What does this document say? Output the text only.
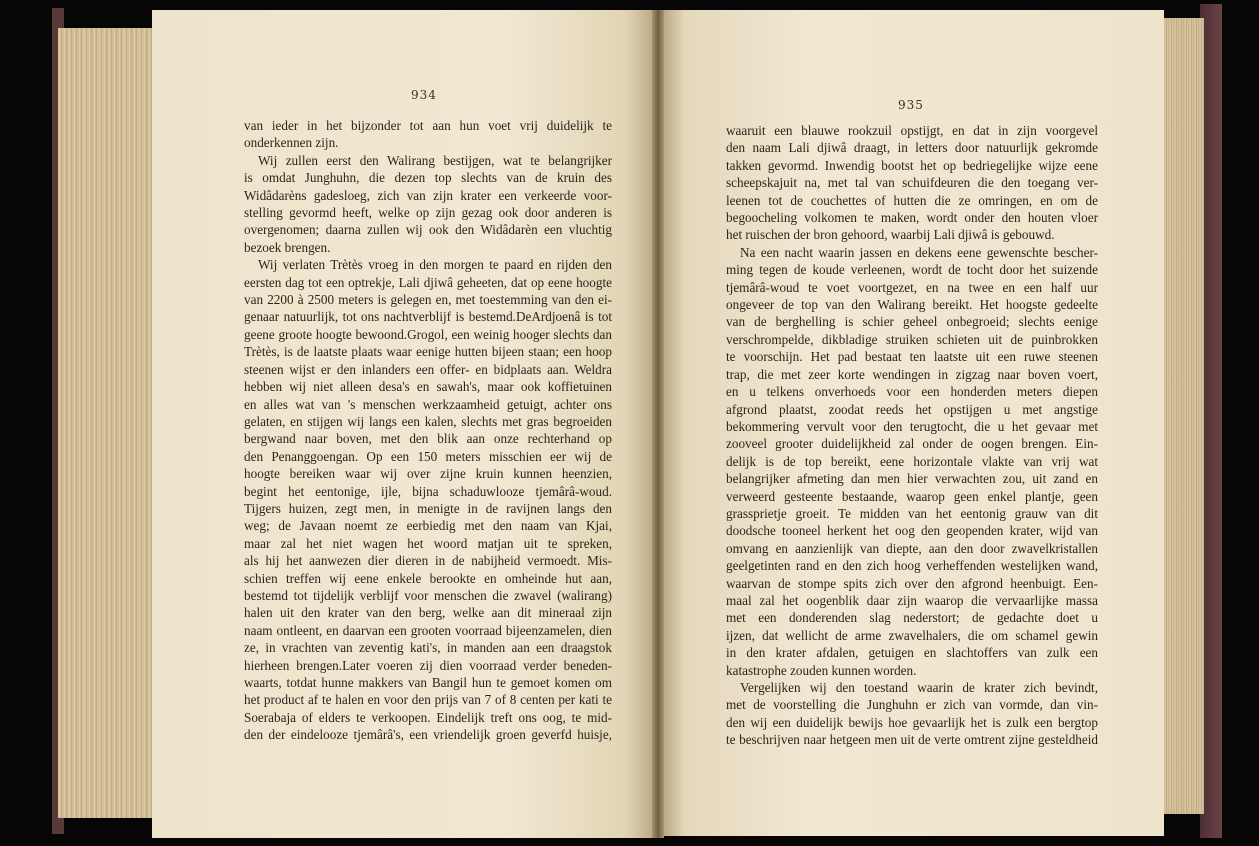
934
935

van ieder in het bijzonder tot aan hun voet vrij duidelijk te

onderkennen zijn.

Wij zullen eerst den Walirang bestijgen, wat te belangrijker

is omdat Junghuhn, die dezen top slechts van de kruin des

Widâdarèns gadesloeg, zich van zijn krater een verkeerde voor-

stelling gevormd heeft, welke op zijn gezag ook door anderen is

overgenomen; daarna zullen wij ook den Widâdarèn een vluchtig

bezoek brengen.

Wij verlaten Trètès vroeg in den morgen te paard en rijden den

eersten dag tot een optrekje, Lali djiwâ geheeten, dat op eene hoogte

van 2200 à 2500 meters is gelegen en, met toestemming van den ei-

genaar natuurlijk, tot ons nachtverblijf is bestemd.DeArdjoenâ is tot

geene groote hoogte bewoond.Grogol, een weinig hooger slechts dan

Trètès, is de laatste plaats waar eenige hutten bijeen staan; een hoop

steenen wijst er den inlanders een offer- en bidplaats aan. Weldra

hebben wij niet alleen desa's en sawah's, maar ook koffietuinen

en alles wat van 's menschen werkzaamheid getuigt, achter ons

gelaten, en stijgen wij langs een kalen, slechts met gras begroeiden

bergwand naar boven, met den blik aan onze rechterhand op

den Penanggoengan. Op een 150 meters misschien eer wij de

hoogte bereiken waar wij over zijne kruin kunnen heenzien,

begint het eentonige, ijle, bijna schaduwlooze tjemârâ-woud.

Tijgers huizen, zegt men, in menigte in de ravijnen langs den

weg; de Javaan noemt ze eerbiedig met den naam van Kjai,

maar zal het niet wagen het woord matjan uit te spreken,

als hij het aanwezen dier dieren in de nabijheid vermoedt. Mis-

schien treffen wij eene enkele berookte en omheinde hut aan,

bestemd tot tijdelijk verblijf voor menschen die zwavel (walirang)

halen uit den krater van den berg, welke aan dit mineraal zijn

naam ontleent, en daarvan een grooten voorraad bijeenzamelen, dien

ze, in vrachten van zeventig kati's, in manden aan een draagstok

hierheen brengen.Later voeren zij dien voorraad verder beneden-

waarts, totdat hunne makkers van Bangil hun te gemoet komen om

het product af te halen en voor den prijs van 7 of 8 centen per kati te

Soerabaja of elders te verkoopen. Eindelijk treft ons oog, te mid-

den der eindelooze tjemârâ's, een vriendelijk groen geverfd huisje,

waaruit een blauwe rookzuil opstijgt, en dat in zijn voorgevel

den naam Lali djiwâ draagt, in letters door natuurlijk gekromde

takken gevormd. Inwendig bootst het op bedriegelijke wijze eene

scheepskajuit na, met tal van schuifdeuren die den toegang ver-

leenen tot de couchettes of hutten die ze omringen, en om de

begoocheling volkomen te maken, wordt onder den houten vloer

het ruischen der bron gehoord, waarbij Lali djiwâ is gebouwd.

Na een nacht waarin jassen en dekens eene gewenschte bescher-

ming tegen de koude verleenen, wordt de tocht door het suizende

tjemârâ-woud te voet voortgezet, en na twee en een half uur

ongeveer de top van den Walirang bereikt. Het hoogste gedeelte

van de berghelling is schier geheel onbegroeid; slechts eenige

verschrompelde, dikbladige struiken schieten uit de puinbrokken

te voorschijn. Het pad bestaat ten laatste uit een ruwe steenen

trap, die met zeer korte wendingen in zigzag naar boven voert,

en u telkens onverhoeds voor een honderden meters diepen

afgrond plaatst, zoodat reeds het opstijgen u met angstige

bekommering vervult voor den terugtocht, die u het gevaar met

zooveel grooter duidelijkheid zal onder de oogen brengen. Ein-

delijk is de top bereikt, eene horizontale vlakte van vrij wat

belangrijker afmeting dan men hier verwachten zou, uit zand en

verweerd gesteente bestaande, waarop geen enkel plantje, geen

grassprietje groeit. Te midden van het eentonig grauw van dit

doodsche tooneel herkent het oog den geopenden krater, wijd van

omvang en aanzienlijk van diepte, aan den door zwavelkristallen

geelgetinten rand en den zich hoog verheffenden westelijken wand,

waarvan de stompe spits zich over den afgrond heenbuigt. Een-

maal zal het oogenblik daar zijn waarop die vervaarlijke massa

met een donderenden slag nederstort; de gedachte doet u

ijzen, dat wellicht de arme zwavelhalers, die om schamel gewin

in den krater afdalen, getuigen en slachtoffers van zulk een

katastrophe zouden kunnen worden.

Vergelijken wij den toestand waarin de krater zich bevindt,

met de voorstelling die Junghuhn er zich van vormde, dan vin-

den wij een duidelijk bewijs hoe gevaarlijk het is zulk een bergtop

te beschrijven naar hetgeen men uit de verte omtrent zijne gesteldheid
